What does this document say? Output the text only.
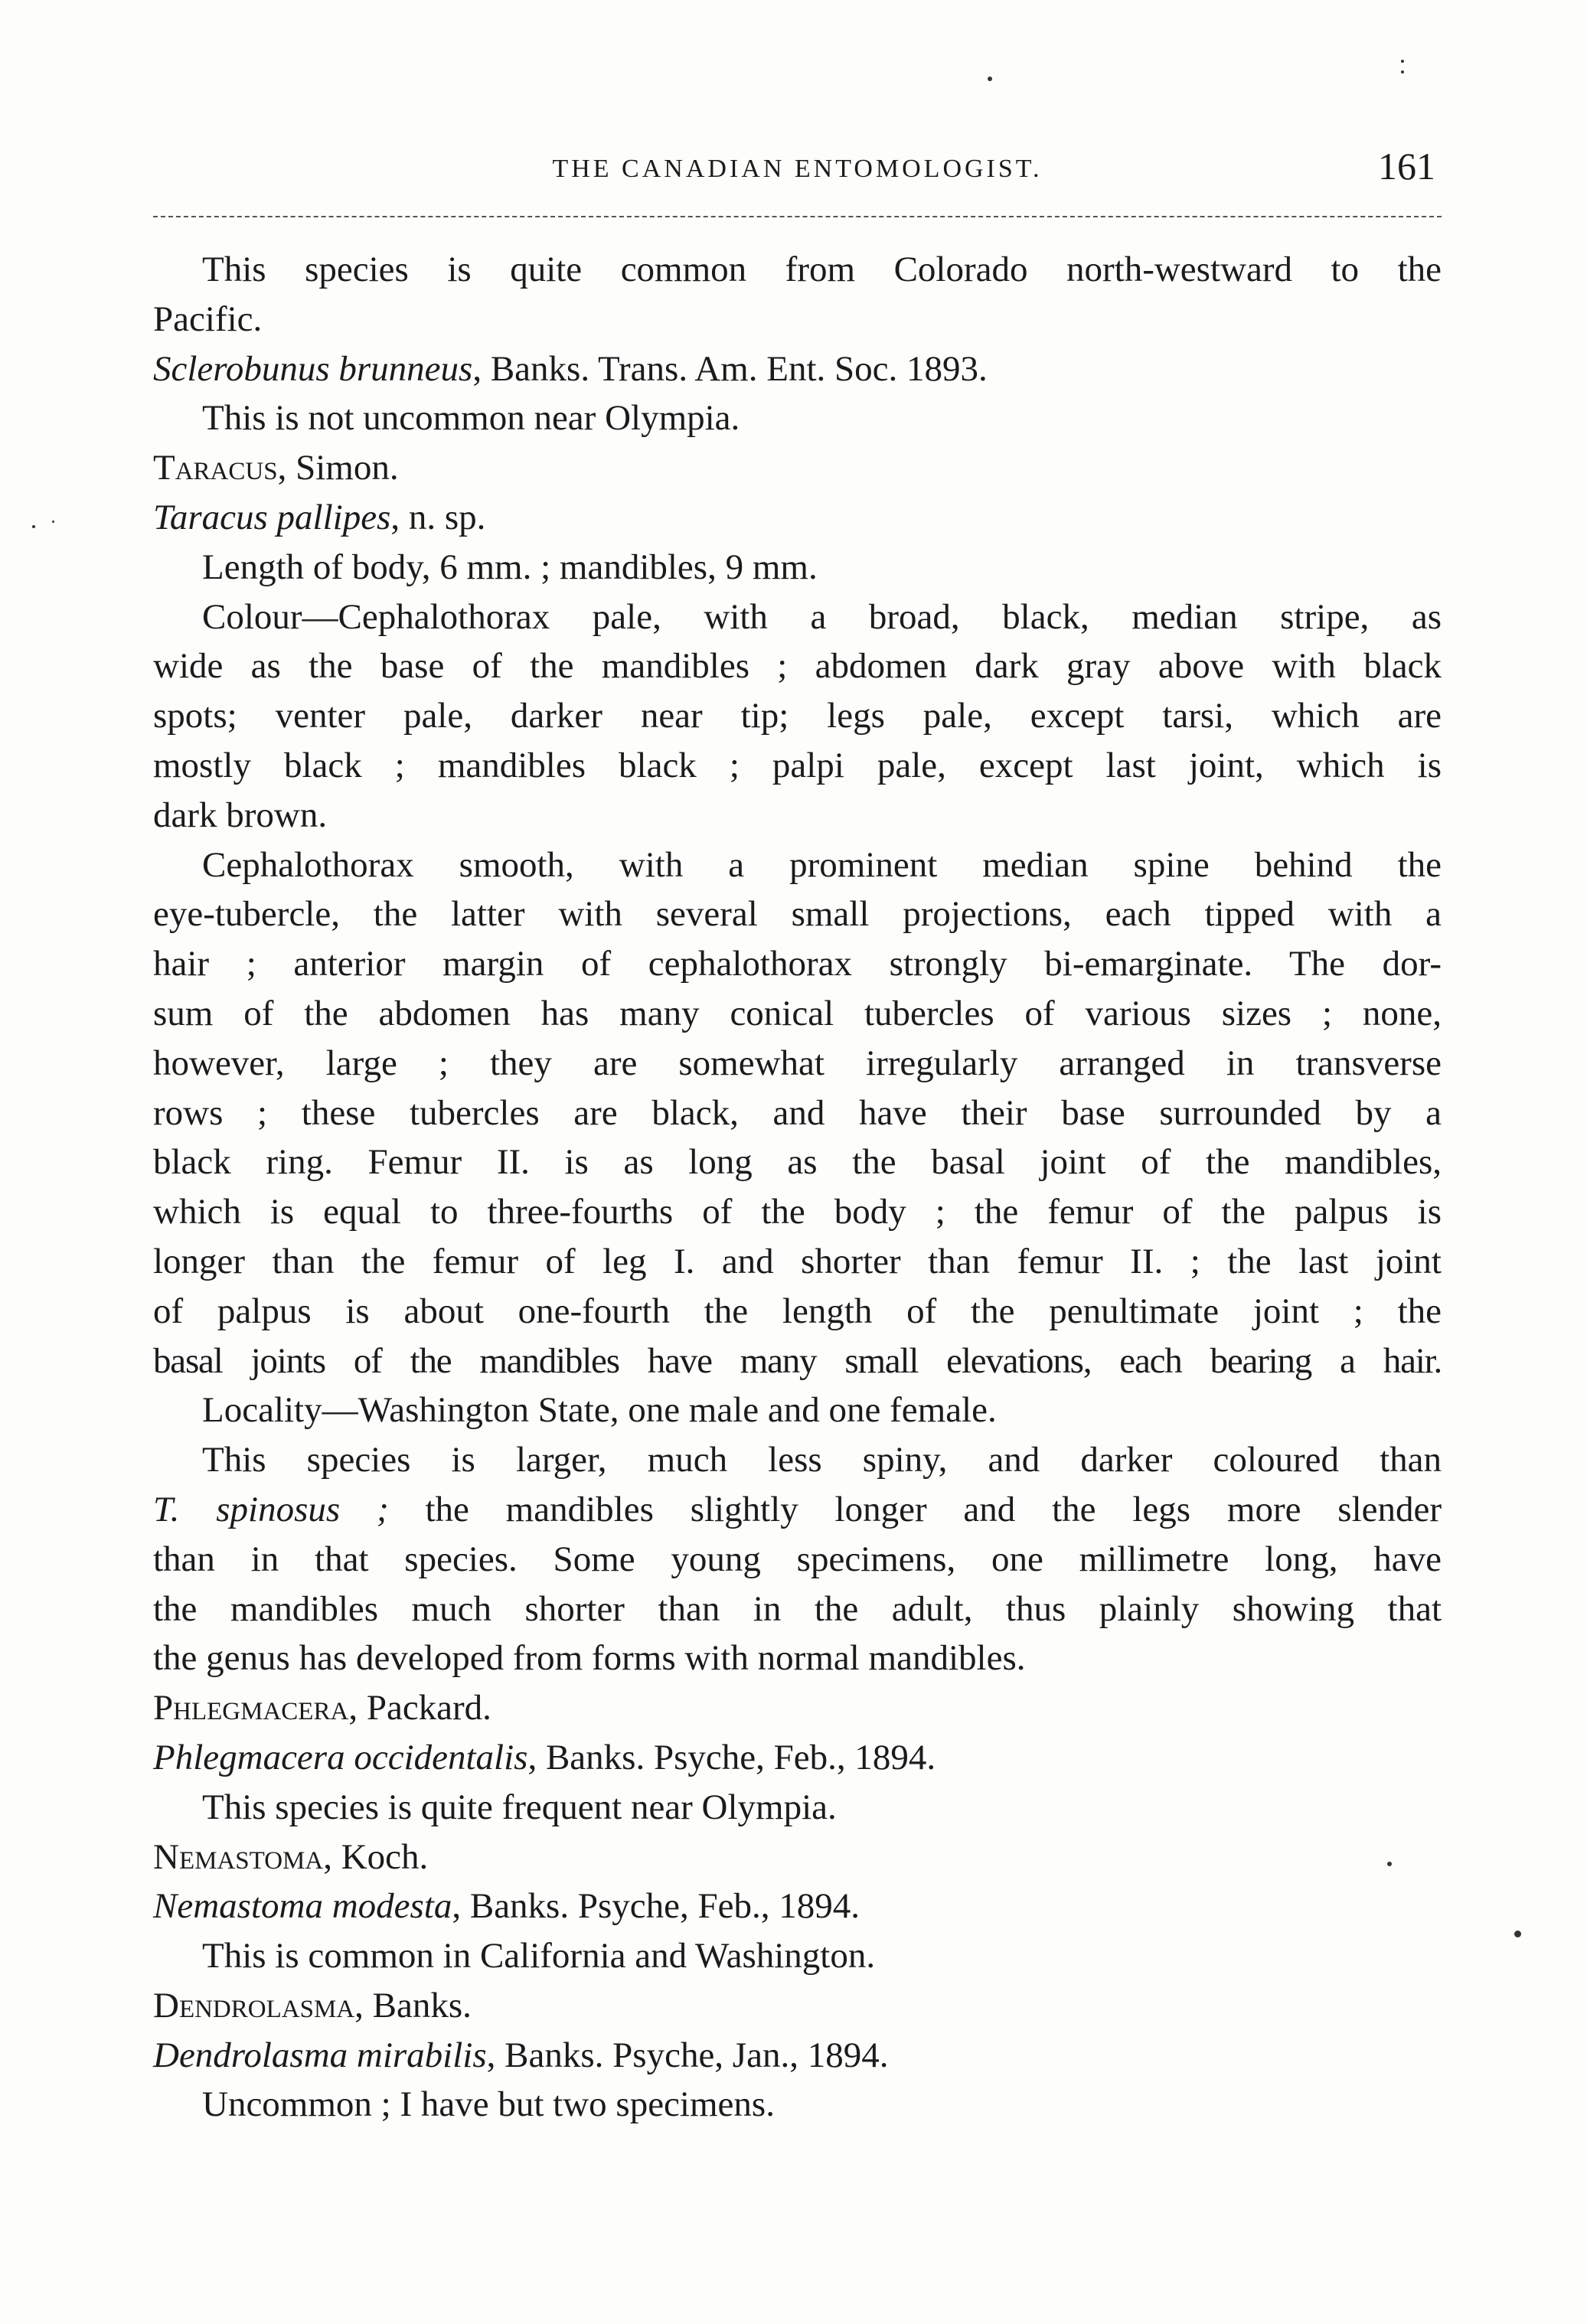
THE CANADIAN ENTOMOLOGIST.	161
This species is quite common from Colorado north-westward to the
Pacific.
Sclerobunus brunneus, Banks. Trans. Am. Ent. Soc. 1893.
This is not uncommon near Olympia.
Taracus, Simon.
Taracus pallipes, n. sp.
Length of body, 6 mm. ; mandibles, 9 mm.
Colour—Cephalothorax pale, with a broad, black, median stripe, as
wide as the base of the mandibles ; abdomen dark gray above with black
spots; venter pale, darker near tip; legs pale, except tarsi, which are
mostly black ; mandibles black ; palpi pale, except last joint, which is
dark brown.
Cephalothorax smooth, with a prominent median spine behind the
eye-tubercle, the latter with several small projections, each tipped with a
hair ; anterior margin of cephalothorax strongly bi-emarginate. The dor-
sum of the abdomen has many conical tubercles of various sizes ; none,
however, large ; they are somewhat irregularly arranged in transverse
rows ; these tubercles are black, and have their base surrounded by a
black ring. Femur II. is as long as the basal joint of the mandibles,
which is equal to three-fourths of the body ; the femur of the palpus is
longer than the femur of leg I. and shorter than femur II. ; the last joint
of palpus is about one-fourth the length of the penultimate joint ; the
basal joints of the mandibles have many small elevations, each bearing a hair.
Locality—Washington State, one male and one female.
This species is larger, much less spiny, and darker coloured than
T. spinosus ; the mandibles slightly longer and the legs more slender
than in that species. Some young specimens, one millimetre long, have
the mandibles much shorter than in the adult, thus plainly showing that
the genus has developed from forms with normal mandibles.
Phlegmacera, Packard.
Phlegmacera occidentalis, Banks. Psyche, Feb., 1894.
This species is quite frequent near Olympia.
Nemastoma, Koch.
Nemastoma modesta, Banks. Psyche, Feb., 1894.
This is common in California and Washington.
Dendrolasma, Banks.
Dendrolasma mirabilis, Banks. Psyche, Jan., 1894.
Uncommon ; I have but two specimens.
